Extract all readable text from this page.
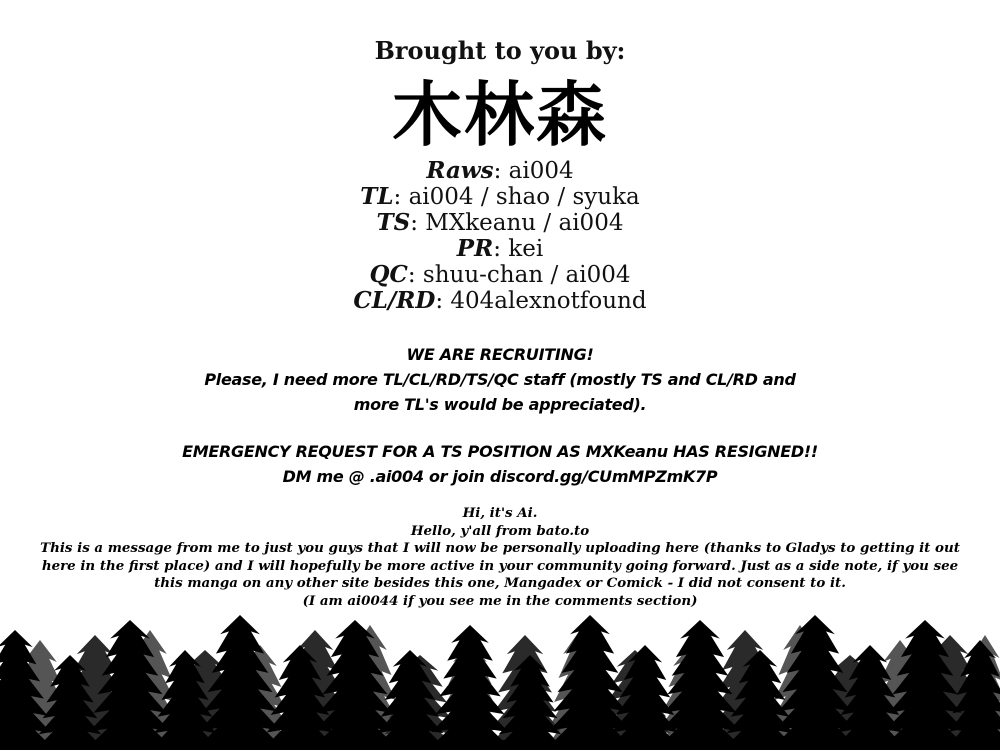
Brought to you by:
木林森
Raws: ai004
TL: ai004 / shao / syuka
TS: MXkeanu / ai004
PR: kei
QC: shuu-chan / ai004
CL/RD: 404alexnotfound
WE ARE RECRUITING!
Please, I need more TL/CL/RD/TS/QC staff (mostly TS and CL/RD and
more TL's would be appreciated).
EMERGENCY REQUEST FOR A TS POSITION AS MXKeanu HAS RESIGNED!!
DM me @ .ai004 or join discord.gg/CUmMPZmK7P
Hi, it's Ai.
Hello, y'all from bato.to
This is a message from me to just you guys that I will now be personally uploading here (thanks to Gladys to getting it out
here in the first place) and I will hopefully be more active in your community going forward. Just as a side note, if you see
this manga on any other site besides this one, Mangadex or Comick - I did not consent to it.
(I am ai0044 if you see me in the comments section)
